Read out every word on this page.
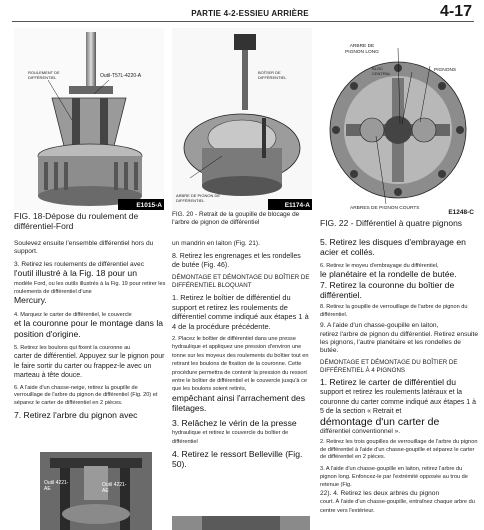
PARTIE 4-2-ESSIEU ARRIÈRE	4-17
ROULEMENT DE DIFFÉRENTIEL	Outil-T57L-4220-A
E1015-A
FIG. 18-Dépose du roulement de différentiel-Ford
BOÎTIER DE DIFFÉRENTIEL
ARBRE DE PIGNON DE DIFFÉRENTIEL
E1174-A
FIG. 20 - Retrait de la goupille de blocage de l'arbre de pignon de différentiel
ARBRE DE PIGNON LONG
PIGNONS
BLOC CENTRAL
ARBRES DE PIGNON COURTS
E1248-C
FIG. 22 - Différentiel à quatre pignons

Soulevez ensuite l'ensemble différentiel hors du support.

3. Retirez les roulements de différentiel avec
l'outil illustré à la Fig. 18 pour un
modèle Ford, ou les outils illustrés à la Fig. 19 pour retirer les roulements de différentiel d'une
Mercury.

4. Marquez le carter de différentiel, le couvercle
et la couronne pour le montage dans la
position d'origine.

5. Retirez les boulons qui fixent la couronne au
carter de différentiel. Appuyez sur le pignon pour le faire sortir du carter ou frappez-le avec un marteau à tête douce.

6. A l'aide d'un chasse-neige, retirez la goupille de verrouillage de l'arbre du pignon de différentiel (Fig. 20) et séparez le carter de différentiel en 2 pièces.

7. Retirez l'arbre du pignon avec

Outil 4221-AE
Outil 4221-AE

un mandrin en laiton (Fig. 21).

8. Retirez les engrenages et les rondelles de butée (Fig. 46).

DÉMONTAGE ET DÉMONTAGE DU BOÎTIER DE DIFFÉRENTIEL BLOQUANT

1. Retirez le boîtier de différentiel du support et retirez les roulements de différentiel comme indiqué aux étapes 1 à 4 de la procédure précédente.

2. Placez le boîtier de différentiel dans une presse hydraulique et appliquez une pression d'environ une tonne sur les moyeux des roulements du boîtier tout en retirant les boulons de fixation de la couronne. Cette procédure permettra de contenir la pression du ressort entre le boîtier de différentiel et le couvercle jusqu'à ce que les boulons soient retirés,
empêchant ainsi l'arrachement des filetages.

3. Relâchez le vérin de la presse
hydraulique et retirez le couvercle du boîtier de différentiel

4. Retirez le ressort Belleville (Fig. 50).

5. Retirez les disques d'embrayage en
acier et collés.

6. Retirez le moyeu d'embrayage du différentiel,
le planétaire et la rondelle de butée.
7. Retirez la couronne du boîtier de différentiel.

8. Retirez la goupille de verrouillage de l'arbre de pignon du différentiel.

9. A l'aide d'un chasse-goupille en laiton,
retirez l'arbre de pignon du différentiel. Retirez ensuite les pignons, l'autre planétaire et les rondelles de butée.

DÉMONTAGE ET DÉMONTAGE DU BOÎTIER DE DIFFÉRENTIEL À 4 PIGNONS

1. Retirez le carter de différentiel du
support et retirez les roulements latéraux et la couronne du carter comme indiqué aux étapes 1 à 5 de la section « Retrait et
démontage d'un carter de
différentiel conventionnel ».

2. Retirez les trois goupilles de verrouillage de l'arbre du pignon de différentiel à l'aide d'un chasse-goupille et séparez le carter de différentiel en 2 pièces.

3. A l'aide d'un chasse-goupille en laiton, retirez l'arbre du pignon long. Enfoncez-le par l'extrémité opposée au trou de retenue (Fig.
22). 4. Retirez les deux arbres du pignon
court. À l'aide d'un chasse-goupille, entraînez chaque arbre du centre vers l'extérieur.
